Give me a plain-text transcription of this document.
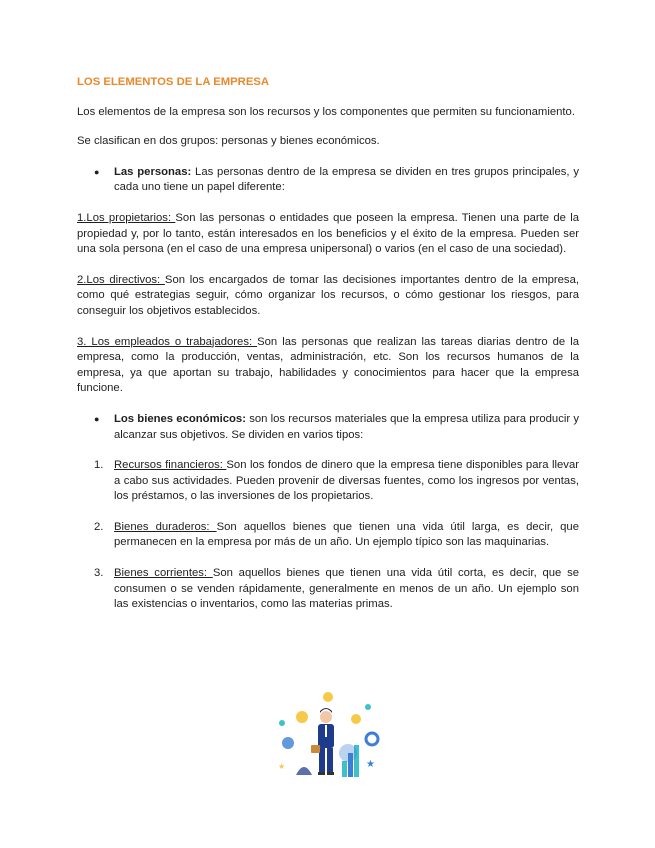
LOS ELEMENTOS DE LA EMPRESA

Los elementos de la empresa son los recursos y los componentes que permiten su funcionamiento.

Se clasifican en dos grupos: personas y bienes económicos.

● Las personas: Las personas dentro de la empresa se dividen en tres grupos principales, y cada uno tiene un papel diferente:

1.Los propietarios: Son las personas o entidades que poseen la empresa. Tienen una parte de la propiedad y, por lo tanto, están interesados en los beneficios y el éxito de la empresa. Pueden ser una sola persona (en el caso de una empresa unipersonal) o varios (en el caso de una sociedad).

2.Los directivos: Son los encargados de tomar las decisiones importantes dentro de la empresa, como qué estrategias seguir, cómo organizar los recursos, o cómo gestionar los riesgos, para conseguir los objetivos establecidos.

3. Los empleados o trabajadores: Son las personas que realizan las tareas diarias dentro de la empresa, como la producción, ventas, administración, etc. Son los recursos humanos de la empresa, ya que aportan su trabajo, habilidades y conocimientos para hacer que la empresa funcione.

● Los bienes económicos: son los recursos materiales que la empresa utiliza para producir y alcanzar sus objetivos. Se dividen en varios tipos:
1. Recursos financieros: Son los fondos de dinero que la empresa tiene disponibles para llevar a cabo sus actividades. Pueden provenir de diversas fuentes, como los ingresos por ventas, los préstamos, o las inversiones de los propietarios.
2. Bienes duraderos: Son aquellos bienes que tienen una vida útil larga, es decir, que permanecen en la empresa por más de un año. Un ejemplo típico son las maquinarias.
3. Bienes corrientes: Son aquellos bienes que tienen una vida útil corta, es decir, que se consumen o se venden rápidamente, generalmente en menos de un año. Un ejemplo son las existencias o inventarios, como las materias primas.
★
★
